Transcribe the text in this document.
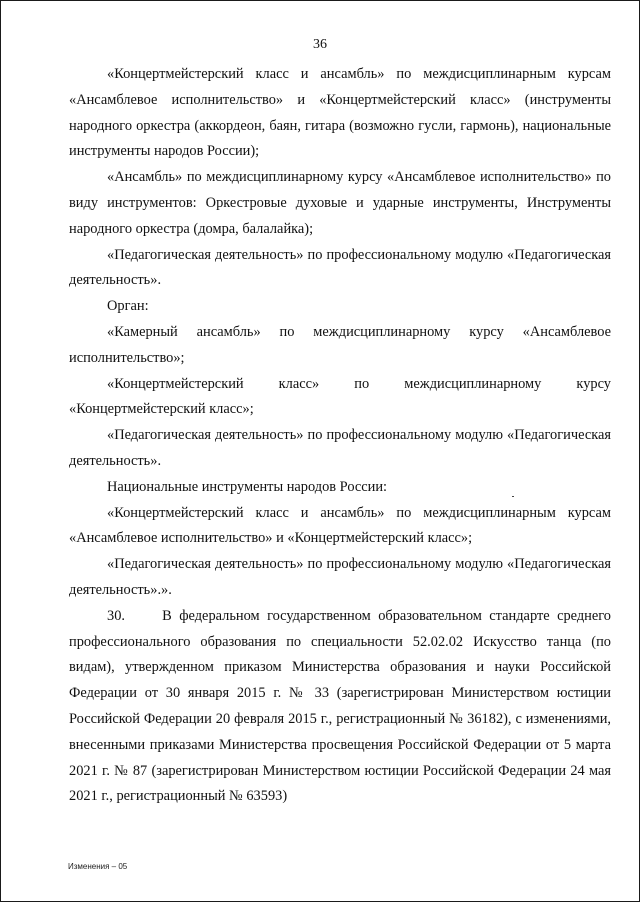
36

«Концертмейстерский класс и ансамбль» по междисциплинарным курсам «Ансамблевое исполнительство» и «Концертмейстерский класс» (инструменты народного оркестра (аккордеон, баян, гитара (возможно гусли, гармонь), национальные инструменты народов России);

«Ансамбль» по междисциплинарному курсу «Ансамблевое исполнительство» по виду инструментов: Оркестровые духовые и ударные инструменты, Инструменты народного оркестра (домра, балалайка);

«Педагогическая деятельность» по профессиональному модулю «Педагогическая деятельность».

Орган:

«Камерный ансамбль» по междисциплинарному курсу «Ансамблевое исполнительство»;

«Концертмейстерский класс» по междисциплинарному курсу «Концертмейстерский класс»;

«Педагогическая деятельность» по профессиональному модулю «Педагогическая деятельность».

Национальные инструменты народов России:

«Концертмейстерский класс и ансамбль» по междисциплинарным курсам «Ансамблевое исполнительство» и «Концертмейстерский класс»;

«Педагогическая деятельность» по профессиональному модулю «Педагогическая деятельность».».

30.     В федеральном государственном образовательном стандарте среднего профессионального образования по специальности 52.02.02 Искусство танца (по видам), утвержденном приказом Министерства образования и науки Российской Федерации от 30 января 2015 г. № 33 (зарегистрирован Министерством юстиции Российской Федерации 20 февраля 2015 г., регистрационный № 36182), с изменениями, внесенными приказами Министерства просвещения Российской Федерации от 5 марта 2021 г. № 87 (зарегистрирован Министерством юстиции Российской Федерации 24 мая 2021 г., регистрационный № 63593)

Изменения – 05
